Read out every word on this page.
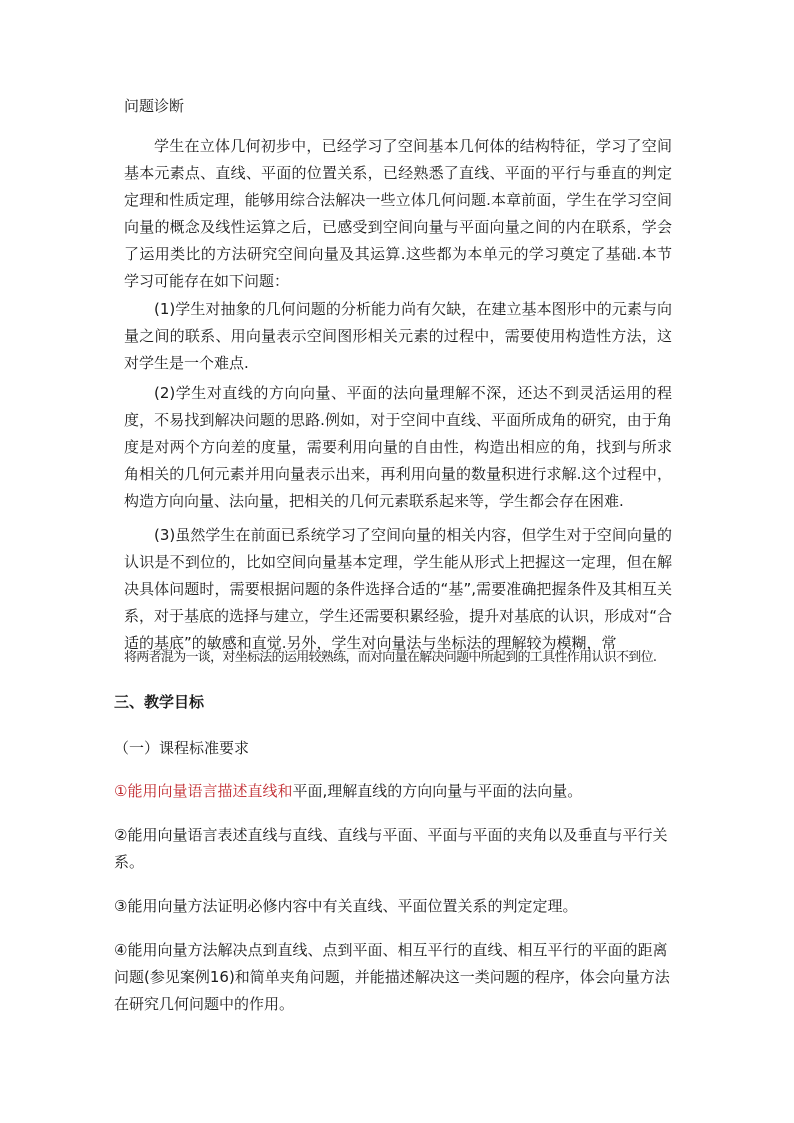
问题诊断

学生在立体几何初步中，已经学习了空间基本几何体的结构特征，学习了空间基本元素点、直线、平面的位置关系，已经熟悉了直线、平面的平行与垂直的判定定理和性质定理，能够用综合法解决一些立体几何问题.本章前面，学生在学习空间向量的概念及线性运算之后，已感受到空间向量与平面向量之间的内在联系，学会了运用类比的方法研究空间向量及其运算.这些都为本单元的学习奠定了基础.本节学习可能存在如下问题：

(1)学生对抽象的几何问题的分析能力尚有欠缺，在建立基本图形中的元素与向量之间的联系、用向量表示空间图形相关元素的过程中，需要使用构造性方法，这对学生是一个难点.

(2)学生对直线的方向向量、平面的法向量理解不深，还达不到灵活运用的程度，不易找到解决问题的思路.例如，对于空间中直线、平面所成角的研究，由于角度是对两个方向差的度量，需要利用向量的自由性，构造出相应的角，找到与所求角相关的几何元素并用向量表示出来，再利用向量的数量积进行求解.这个过程中，构造方向向量、法向量，把相关的几何元素联系起来等，学生都会存在困难.

(3)虽然学生在前面已系统学习了空间向量的相关内容，但学生对于空间向量的认识是不到位的，比如空间向量基本定理，学生能从形式上把握这一定理，但在解决具体问题时，需要根据问题的条件选择合适的“基”,需要准确把握条件及其相互关系，对于基底的选择与建立，学生还需要积累经验，提升对基底的认识，形成对“合适的基底”的敏感和直觉.另外，学生对向量法与坐标法的理解较为模糊，常

将两者混为一谈，对坐标法的运用较熟练，而对向量在解决问题中所起到的工具性作用认识不到位.
三、教学目标
（一）课程标准要求

①能用向量语言描述直线和平面,理解直线的方向向量与平面的法向量。

②能用向量语言表述直线与直线、直线与平面、平面与平面的夹角以及垂直与平行关系。

③能用向量方法证明必修内容中有关直线、平面位置关系的判定定理。

④能用向量方法解决点到直线、点到平面、相互平行的直线、相互平行的平面的距离问题(参见案例16)和简单夹角问题，并能描述解决这一类问题的程序，体会向量方法在研究几何问题中的作用。
